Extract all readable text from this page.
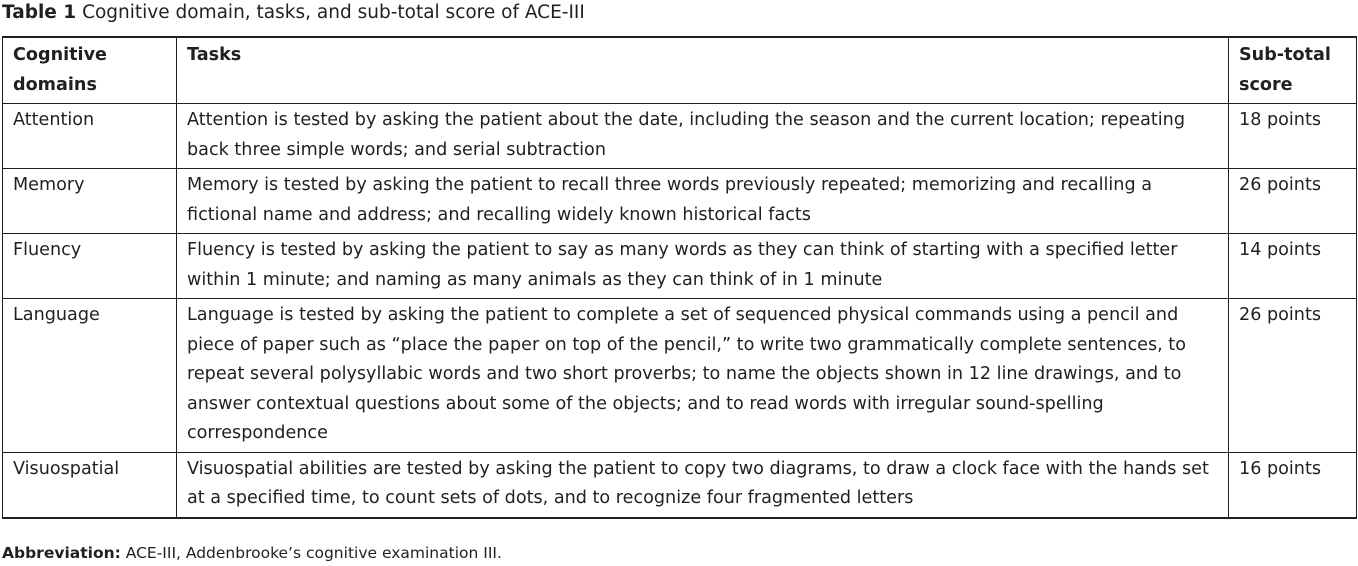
Table 1 Cognitive domain, tasks, and sub-total score of ACE-III
Cognitive domains	Tasks	Sub-total score
Attention	Attention is tested by asking the patient about the date, including the season and the current location; repeating back three simple words; and serial subtraction	18 points
Memory	Memory is tested by asking the patient to recall three words previously repeated; memorizing and recalling a fictional name and address; and recalling widely known historical facts	26 points
Fluency	Fluency is tested by asking the patient to say as many words as they can think of starting with a specified letter within 1 minute; and naming as many animals as they can think of in 1 minute	14 points
Language	Language is tested by asking the patient to complete a set of sequenced physical commands using a pencil and piece of paper such as “place the paper on top of the pencil,” to write two grammatically complete sentences, to repeat several polysyllabic words and two short proverbs; to name the objects shown in 12 line drawings, and to answer contextual questions about some of the objects; and to read words with irregular sound-spelling correspondence	26 points
Visuospatial	Visuospatial abilities are tested by asking the patient to copy two diagrams, to draw a clock face with the hands set at a specified time, to count sets of dots, and to recognize four fragmented letters	16 points
Abbreviation: ACE-III, Addenbrooke’s cognitive examination III.
